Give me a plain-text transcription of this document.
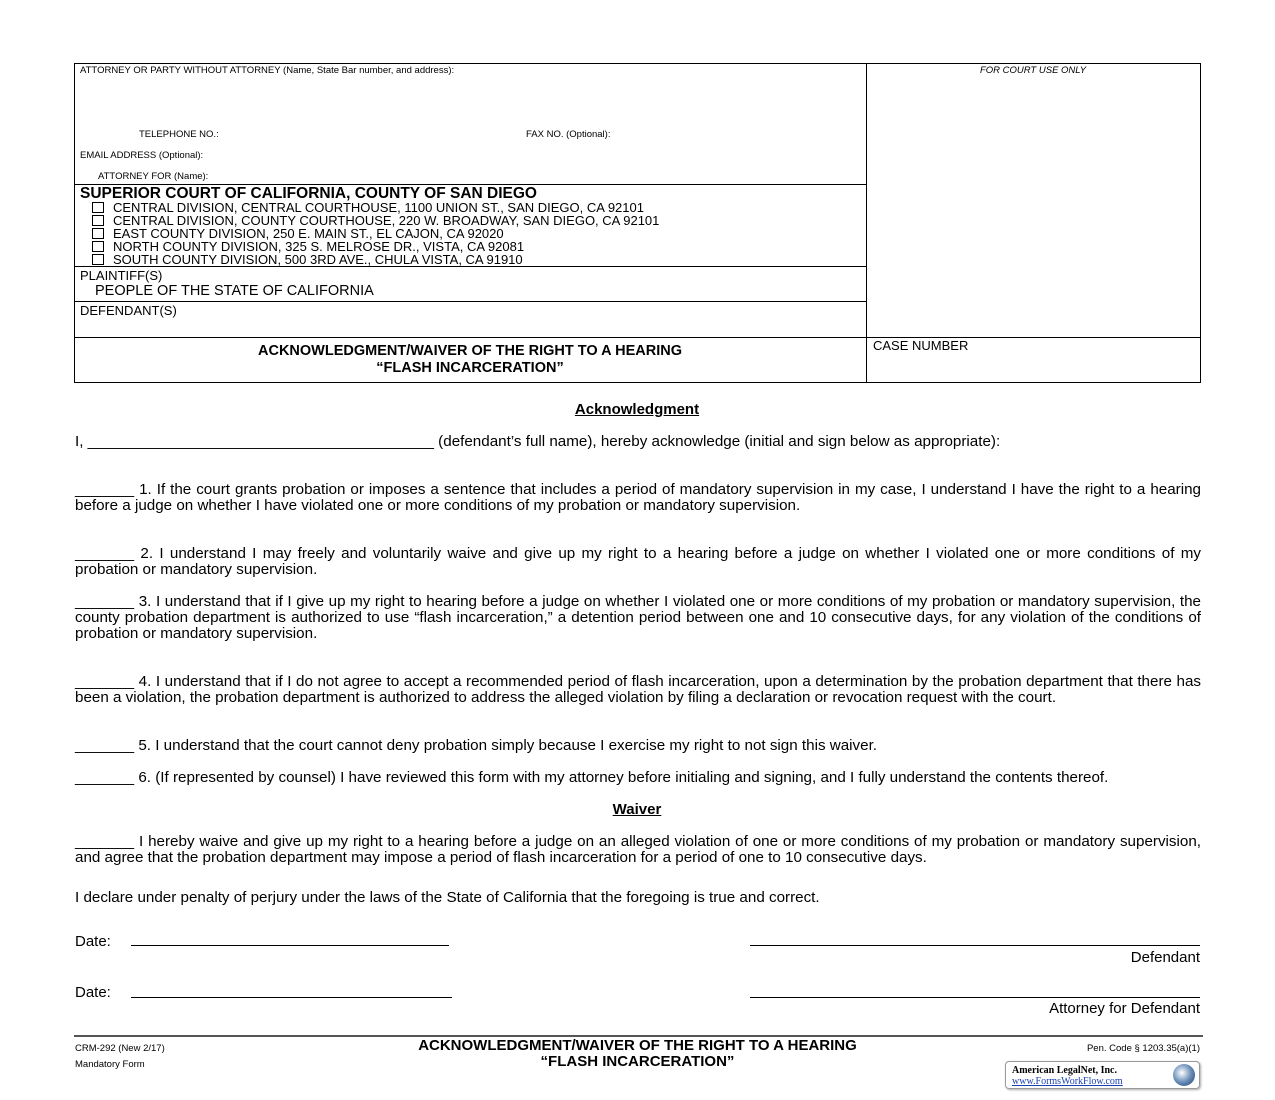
ATTORNEY OR PARTY WITHOUT ATTORNEY (Name, State Bar number, and address):
TELEPHONE NO.:	FAX NO. (Optional):
EMAIL ADDRESS (Optional):
ATTORNEY FOR (Name):
FOR COURT USE ONLY
SUPERIOR COURT OF CALIFORNIA, COUNTY OF SAN DIEGO
CENTRAL DIVISION, CENTRAL COURTHOUSE, 1100 UNION ST., SAN DIEGO, CA 92101
CENTRAL DIVISION, COUNTY COURTHOUSE, 220 W. BROADWAY, SAN DIEGO, CA 92101
EAST COUNTY DIVISION, 250 E. MAIN ST., EL CAJON, CA 92020
NORTH COUNTY DIVISION, 325 S. MELROSE DR., VISTA, CA 92081
SOUTH COUNTY DIVISION, 500 3RD AVE., CHULA VISTA, CA 91910
PLAINTIFF(S)
PEOPLE OF THE STATE OF CALIFORNIA
DEFENDANT(S)
ACKNOWLEDGMENT/WAIVER OF THE RIGHT TO A HEARING
“FLASH INCARCERATION”
CASE NUMBER
Acknowledgment
I, _________________________________________ (defendant’s full name), hereby acknowledge (initial and sign below as appropriate):
_______ 1. If the court grants probation or imposes a sentence that includes a period of mandatory supervision in my case, I understand I have the right to a hearing before a judge on whether I have violated one or more conditions of my probation or mandatory supervision.
_______ 2. I understand I may freely and voluntarily waive and give up my right to a hearing before a judge on whether I violated one or more conditions of my probation or mandatory supervision.
_______ 3. I understand that if I give up my right to hearing before a judge on whether I violated one or more conditions of my probation or mandatory supervision, the county probation department is authorized to use “flash incarceration,” a detention period between one and 10 consecutive days, for any violation of the conditions of probation or mandatory supervision.
_______ 4. I understand that if I do not agree to accept a recommended period of flash incarceration, upon a determination by the probation department that there has been a violation, the probation department is authorized to address the alleged violation by filing a declaration or revocation request with the court.
_______ 5. I understand that the court cannot deny probation simply because I exercise my right to not sign this waiver.
_______ 6. (If represented by counsel) I have reviewed this form with my attorney before initialing and signing, and I fully understand the contents thereof.
Waiver
_______ I hereby waive and give up my right to a hearing before a judge on an alleged violation of one or more conditions of my probation or mandatory supervision, and agree that the probation department may impose a period of flash incarceration for a period of one to 10 consecutive days.
I declare under penalty of perjury under the laws of the State of California that the foregoing is true and correct.
Date:
Defendant
Date:
Attorney for Defendant
CRM-292 (New 2/17)
Mandatory Form
ACKNOWLEDGMENT/WAIVER OF THE RIGHT TO A HEARING
“FLASH INCARCERATION”
Pen. Code § 1203.35(a)(1)
American LegalNet, Inc.
www.FormsWorkFlow.com
